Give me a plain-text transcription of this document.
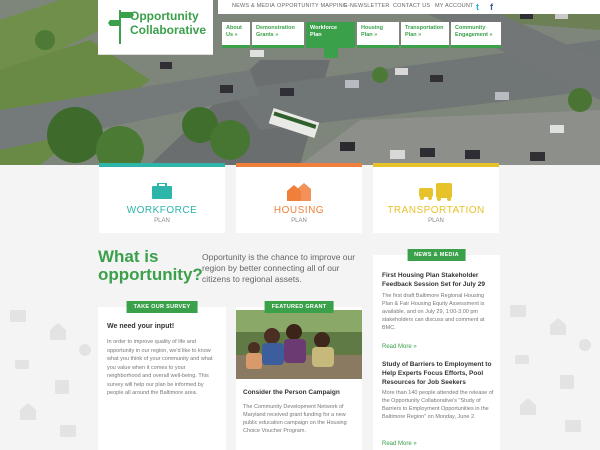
Opportunity
Collaborative
NEWS & MEDIA OPPORTUNITY MAPPING
E-NEWSLETTER CONTACT US MY ACCOUNT t f
About
Us »
Demonstration
Grants »
Workforce
Plan
Housing
Plan »
Transportation
Plan »
Community
Engagement »
WORKFORCE
PLAN
HOUSING
PLAN
TRANSPORTATION
PLAN
What is
opportunity?
Opportunity is the chance to improve our region by better connecting all of our citizens to regional assets.
TAKE OUR SURVEY
We need your input!
In order to improve quality of life and opportunity in our region, we'd like to know what you think of your community and what you value when it comes to your neighborhood and overall well-being. This survey will help our plan be informed by people all around the Baltimore area.
FEATURED GRANT
Consider the Person Campaign
The Community Development Network of Maryland received grant funding for a new public education campaign on the Housing Choice Voucher Program.
NEWS & MEDIA
First Housing Plan Stakeholder Feedback Session Set for July 29
The first draft Baltimore Regional Housing Plan & Fair Housing Equity Assessment is available, and on July 29, 1:00-3:00 pm stakeholders can discuss and comment at BMC.
Read More »
Study of Barriers to Employment to Help Experts Focus Efforts, Pool Resources for Job Seekers
More than 140 people attended the release of the Opportunity Collaborative's "Study of Barriers to Employment Opportunities in the Baltimore Region" on Monday, June 2.
Read More »
